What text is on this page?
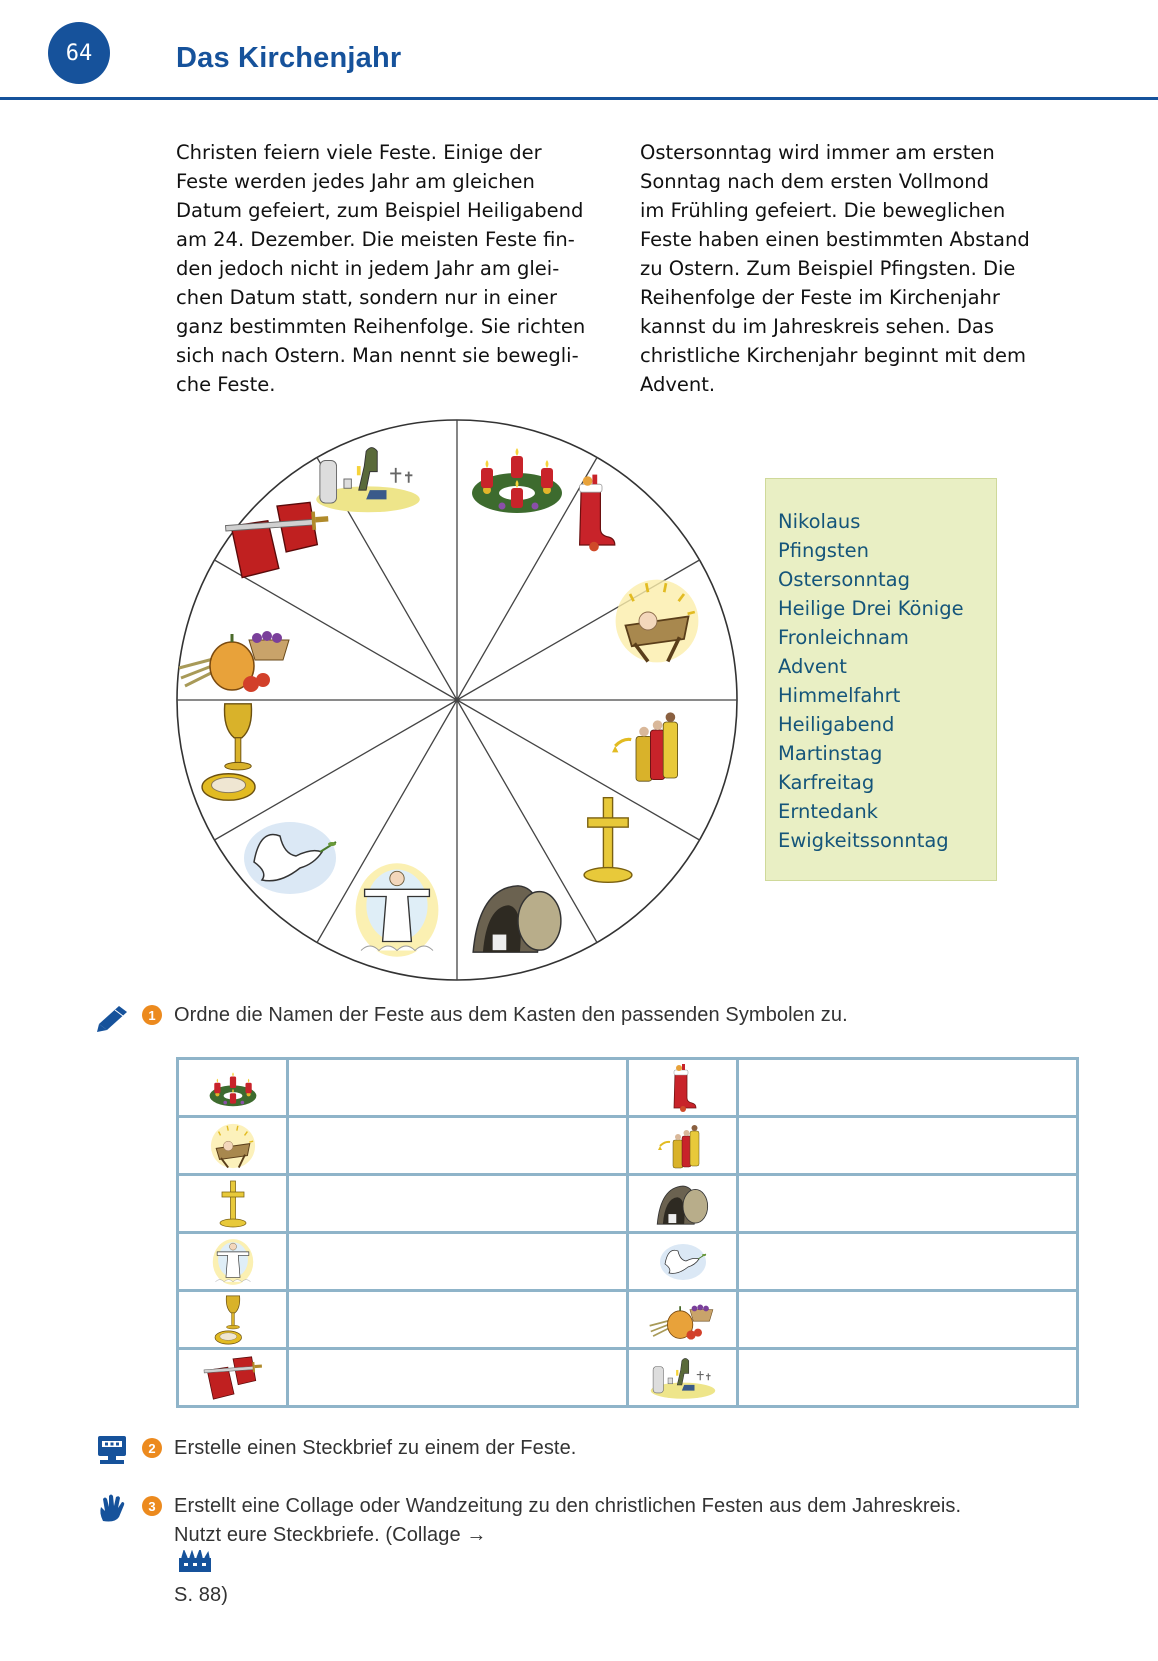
64	Das Kirchenjahr
Christen feiern viele Feste. Einige der
Feste werden jedes Jahr am gleichen
Datum gefeiert, zum Beispiel Heiligabend
am 24. Dezember. Die meisten Feste fin-
den jedoch nicht in jedem Jahr am glei-
chen Datum statt, sondern nur in einer
ganz bestimmten Reihenfolge. Sie richten
sich nach Ostern. Man nennt sie bewegli-
che Feste.
Ostersonntag wird immer am ersten
Sonntag nach dem ersten Vollmond
im Frühling gefeiert. Die beweglichen
Feste haben einen bestimmten Abstand
zu Ostern. Zum Beispiel Pfingsten. Die
Reihenfolge der Feste im Kirchenjahr
kannst du im Jahreskreis sehen. Das
christliche Kirchenjahr beginnt mit dem
Advent.
Nikolaus
Pfingsten
Ostersonntag
Heilige Drei Könige
Fronleichnam
Advent
Himmelfahrt
Heiligabend
Martinstag
Karfreitag
Erntedank
Ewigkeitssonntag
1 Ordne die Namen der Feste aus dem Kasten den passenden Symbolen zu.

2 Erstelle einen Steckbrief zu einem der Feste.
3 Erstellt eine Collage oder Wandzeitung zu den christlichen Festen aus dem Jahreskreis.
Nutzt eure Steckbriefe. (Collage →
S. 88)
